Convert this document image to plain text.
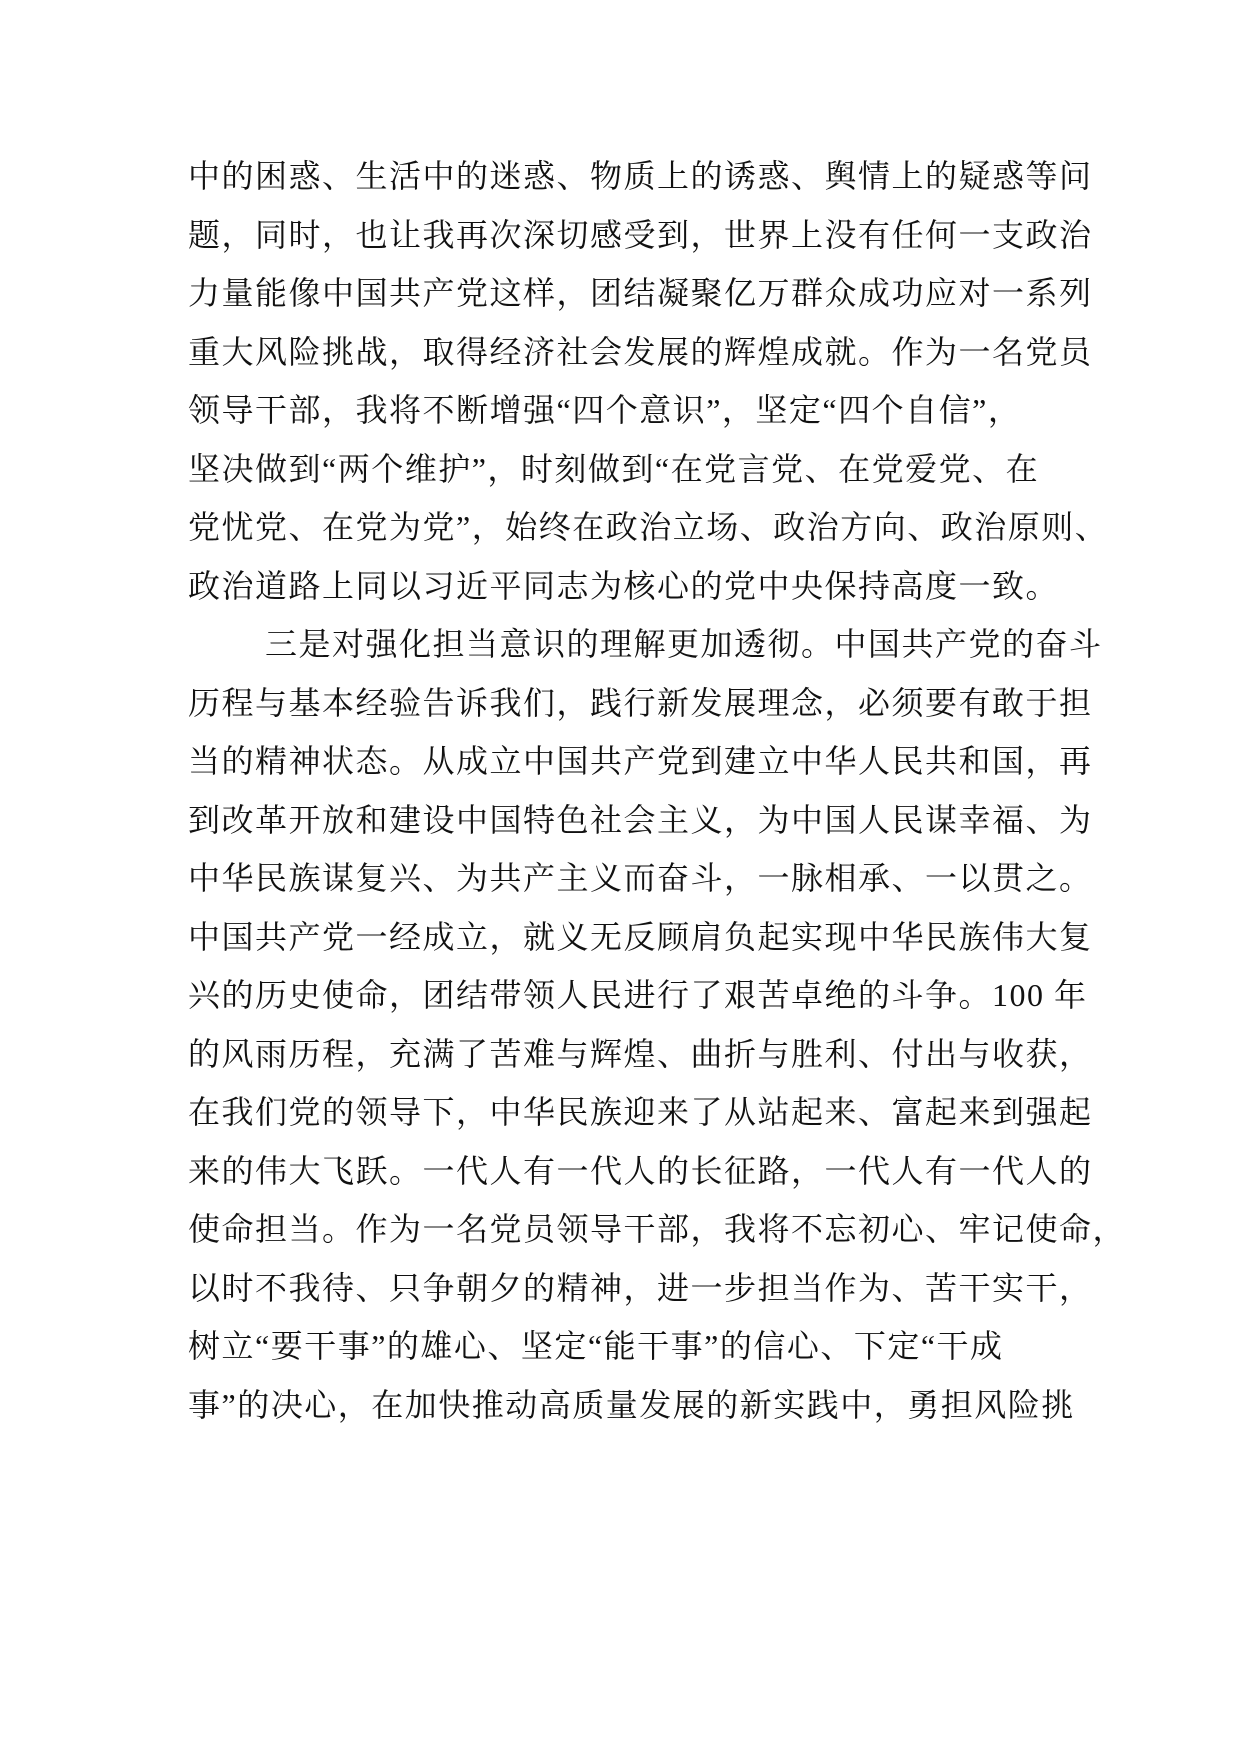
中的困惑、生活中的迷惑、物质上的诱惑、舆情上的疑惑等问
题，同时，也让我再次深切感受到，世界上没有任何一支政治
力量能像中国共产党这样，团结凝聚亿万群众成功应对一系列
重大风险挑战，取得经济社会发展的辉煌成就。作为一名党员
领导干部，我将不断增强“四个意识”，坚定“四个自信”，
坚决做到“两个维护”，时刻做到“在党言党、在党爱党、在
党忧党、在党为党”，始终在政治立场、政治方向、政治原则、
政治道路上同以习近平同志为核心的党中央保持高度一致。
三是对强化担当意识的理解更加透彻。中国共产党的奋斗
历程与基本经验告诉我们，践行新发展理念，必须要有敢于担
当的精神状态。从成立中国共产党到建立中华人民共和国，再
到改革开放和建设中国特色社会主义，为中国人民谋幸福、为
中华民族谋复兴、为共产主义而奋斗，一脉相承、一以贯之。
中国共产党一经成立，就义无反顾肩负起实现中华民族伟大复
兴的历史使命，团结带领人民进行了艰苦卓绝的斗争。100 年
的风雨历程，充满了苦难与辉煌、曲折与胜利、付出与收获，
在我们党的领导下，中华民族迎来了从站起来、富起来到强起
来的伟大飞跃。一代人有一代人的长征路，一代人有一代人的
使命担当。作为一名党员领导干部，我将不忘初心、牢记使命，
以时不我待、只争朝夕的精神，进一步担当作为、苦干实干，
树立“要干事”的雄心、坚定“能干事”的信心、下定“干成
事”的决心，在加快推动高质量发展的新实践中，勇担风险挑
